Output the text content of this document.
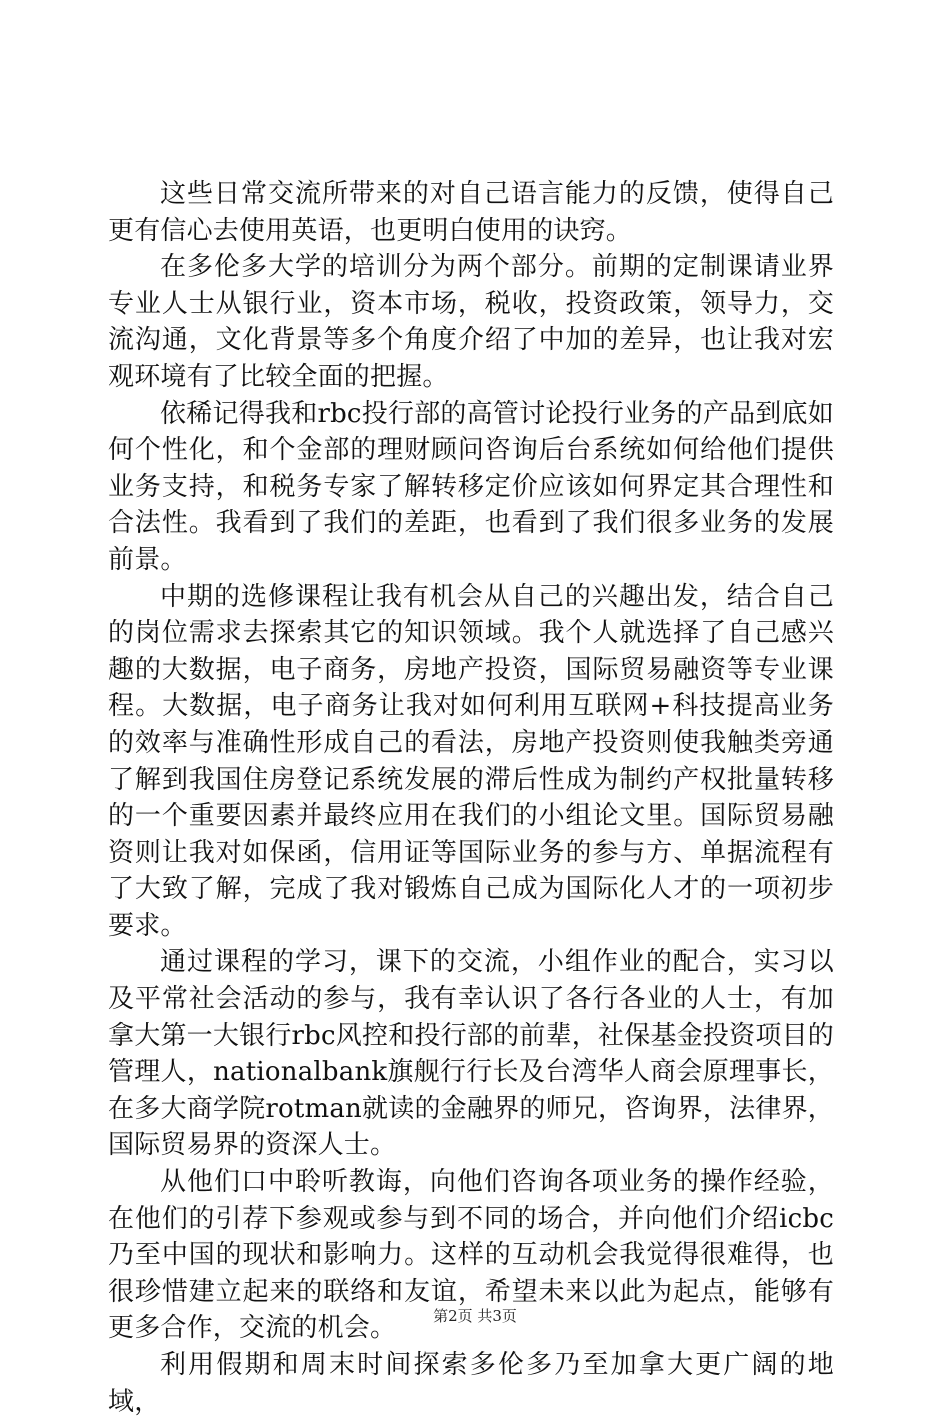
这些日常交流所带来的对自己语言能力的反馈，使得自己更有信心去使用英语，也更明白使用的诀窍。

在多伦多大学的培训分为两个部分。前期的定制课请业界专业人士从银行业，资本市场，税收，投资政策，领导力，交流沟通，文化背景等多个角度介绍了中加的差异，也让我对宏观环境有了比较全面的把握。

依稀记得我和rbc投行部的高管讨论投行业务的产品到底如何个性化，和个金部的理财顾问咨询后台系统如何给他们提供业务支持，和税务专家了解转移定价应该如何界定其合理性和合法性。我看到了我们的差距，也看到了我们很多业务的发展前景。

中期的选修课程让我有机会从自己的兴趣出发，结合自己的岗位需求去探索其它的知识领域。我个人就选择了自己感兴趣的大数据，电子商务，房地产投资，国际贸易融资等专业课程。大数据，电子商务让我对如何利用互联网+科技提高业务的效率与准确性形成自己的看法，房地产投资则使我触类旁通了解到我国住房登记系统发展的滞后性成为制约产权批量转移的一个重要因素并最终应用在我们的小组论文里。国际贸易融资则让我对如保函，信用证等国际业务的参与方、单据流程有了大致了解，完成了我对锻炼自己成为国际化人才的一项初步要求。

通过课程的学习，课下的交流，小组作业的配合，实习以及平常社会活动的参与，我有幸认识了各行各业的人士，有加拿大第一大银行rbc风控和投行部的前辈，社保基金投资项目的管理人，nationalbank旗舰行行长及台湾华人商会原理事长，在多大商学院rotman就读的金融界的师兄，咨询界，法律界，国际贸易界的资深人士。

从他们口中聆听教诲，向他们咨询各项业务的操作经验，在他们的引荐下参观或参与到不同的场合，并向他们介绍icbc乃至中国的现状和影响力。这样的互动机会我觉得很难得，也很珍惜建立起来的联络和友谊，希望未来以此为起点，能够有更多合作，交流的机会。

利用假期和周末时间探索多伦多乃至加拿大更广阔的地域，

第2页 共3页
